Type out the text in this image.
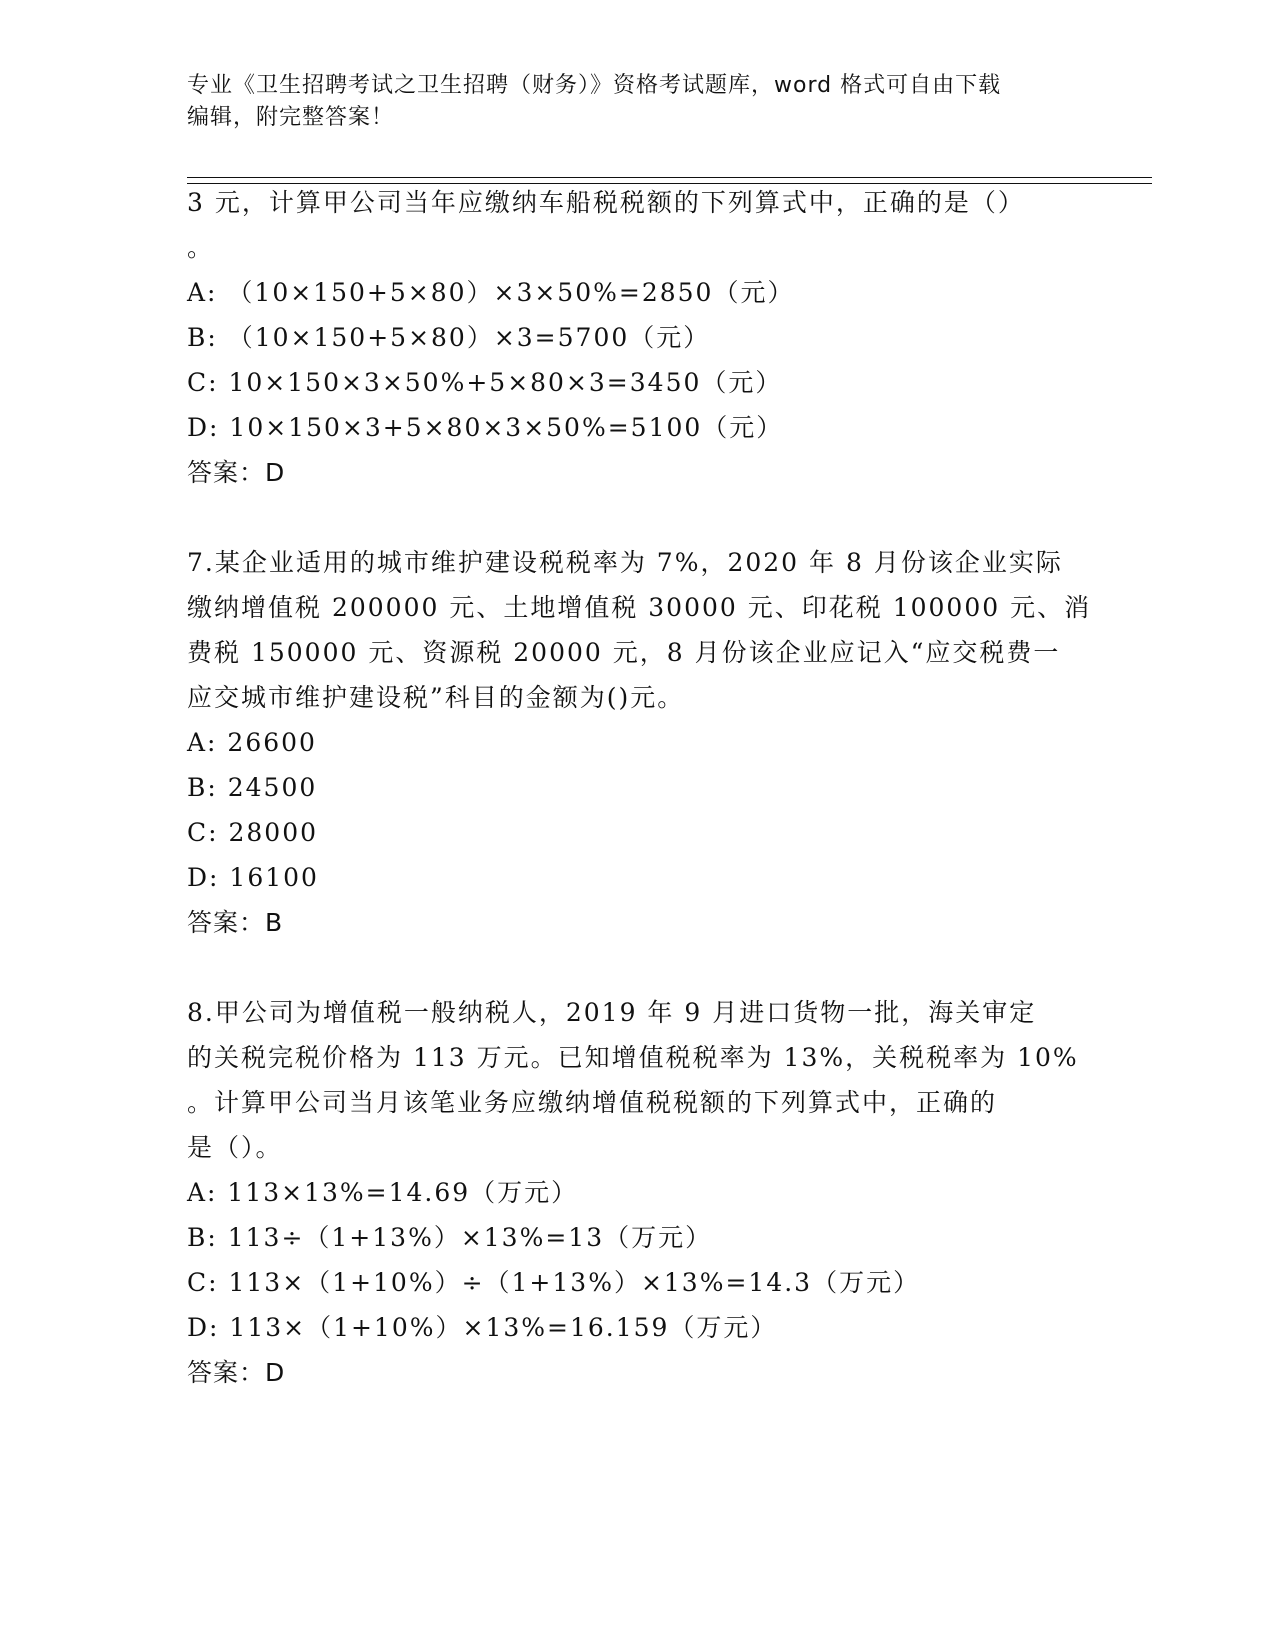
专业《卫生招聘考试之卫生招聘（财务）》资格考试题库，word 格式可自由下载
编辑，附完整答案！
3 元，计算甲公司当年应缴纳车船税税额的下列算式中，正确的是（）
。
A: （10×150+5×80）×3×50%=2850（元）
B: （10×150+5×80）×3=5700（元）
C: 10×150×3×50%+5×80×3=3450（元）
D: 10×150×3+5×80×3×50%=5100（元）
答案：D
7.某企业适用的城市维护建设税税率为 7%，2020 年 8 月份该企业实际
缴纳增值税 200000 元、土地增值税 30000 元、印花税 100000 元、消
费税 150000 元、资源税 20000 元，8 月份该企业应记入“应交税费一
应交城市维护建设税”科目的金额为()元。
A: 26600
B: 24500
C: 28000
D: 16100
答案：B
8.甲公司为增值税一般纳税人，2019 年 9 月进口货物一批，海关审定
的关税完税价格为 113 万元。已知增值税税率为 13%，关税税率为 10%
。计算甲公司当月该笔业务应缴纳增值税税额的下列算式中，正确的
是（）。
A: 113×13%=14.69（万元）
B: 113÷（1+13%）×13%=13（万元）
C: 113×（1+10%）÷（1+13%）×13%=14.3（万元）
D: 113×（1+10%）×13%=16.159（万元）
答案：D
